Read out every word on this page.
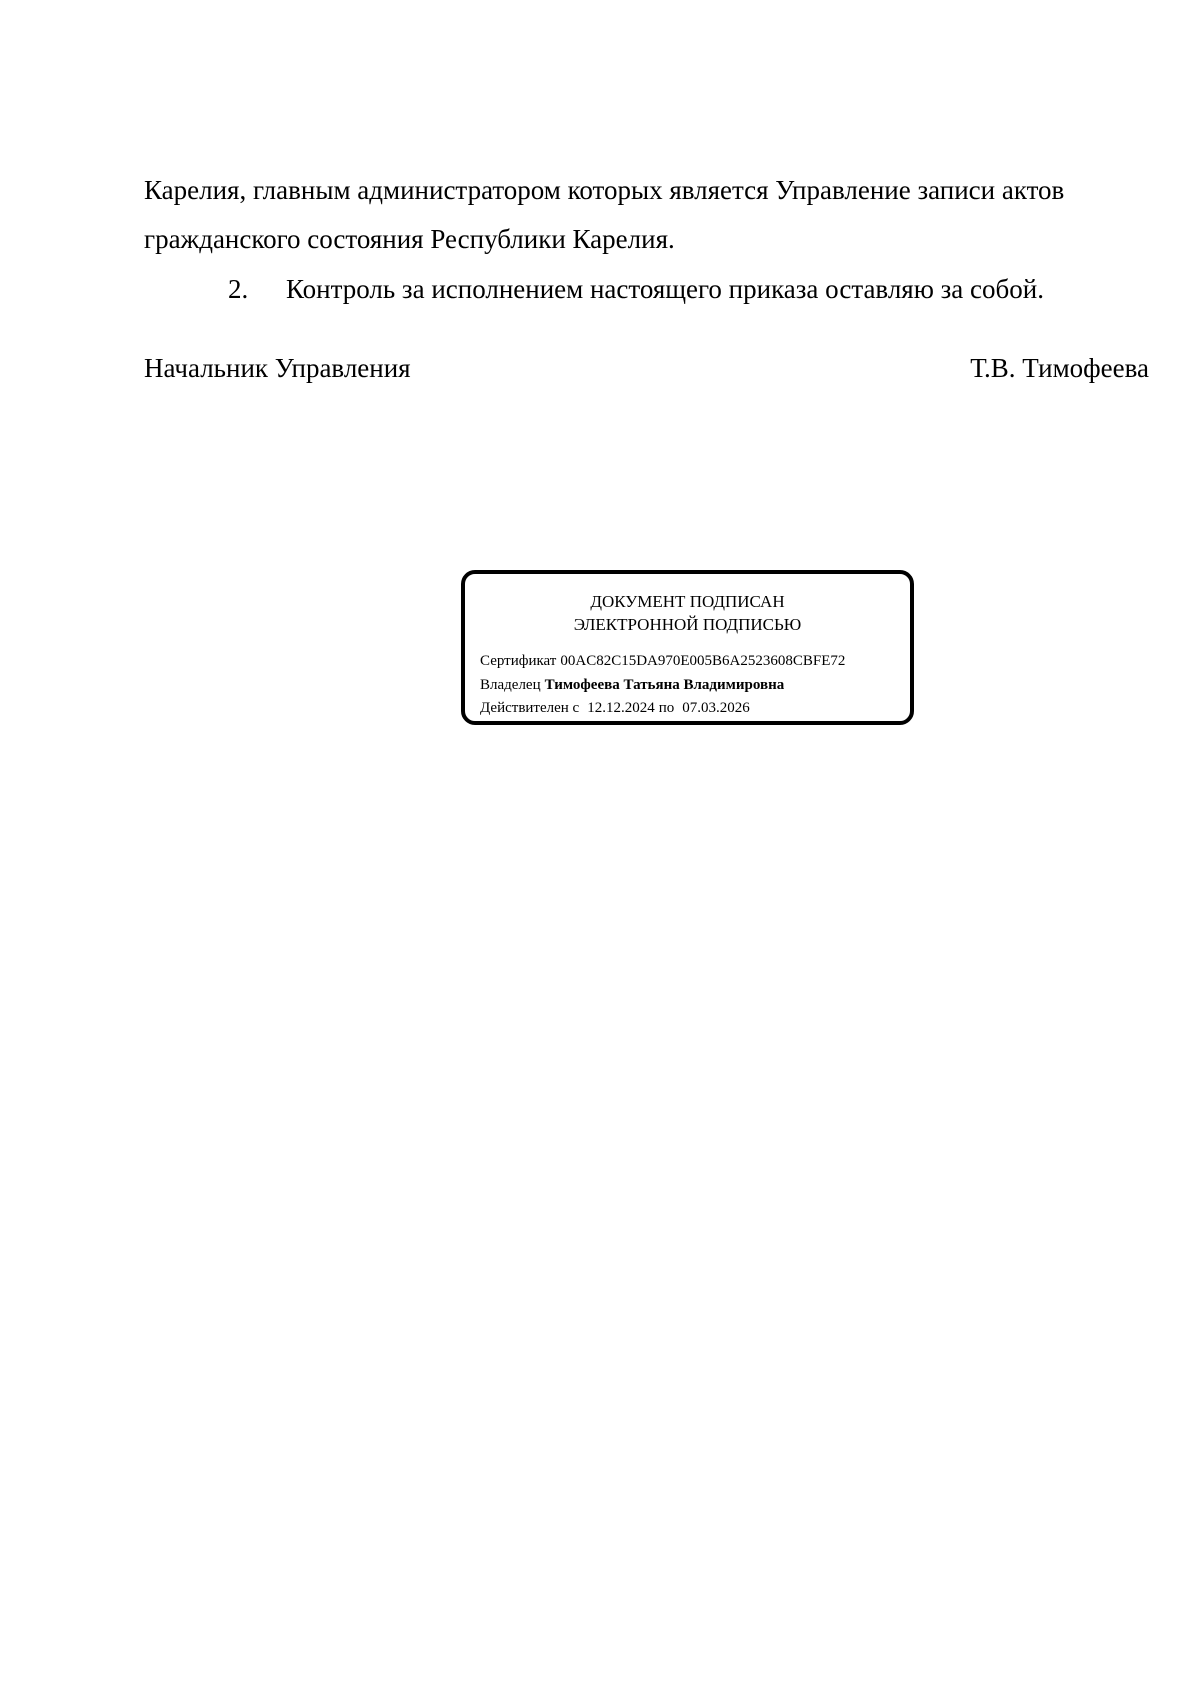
Карелия, главным администратором которых является Управление записи актов
гражданского состояния Республики Карелия.
2. Контроль за исполнением настоящего приказа оставляю за собой.
Начальник Управления	Т.В. Тимофеева
ДОКУМЕНТ ПОДПИСАН
ЭЛЕКТРОННОЙ ПОДПИСЬЮ
Сертификат 00AC82C15DA970E005B6A2523608CBFE72
Владелец Тимофеева Татьяна Владимировна
Действителен с 12.12.2024 по 07.03.2026
